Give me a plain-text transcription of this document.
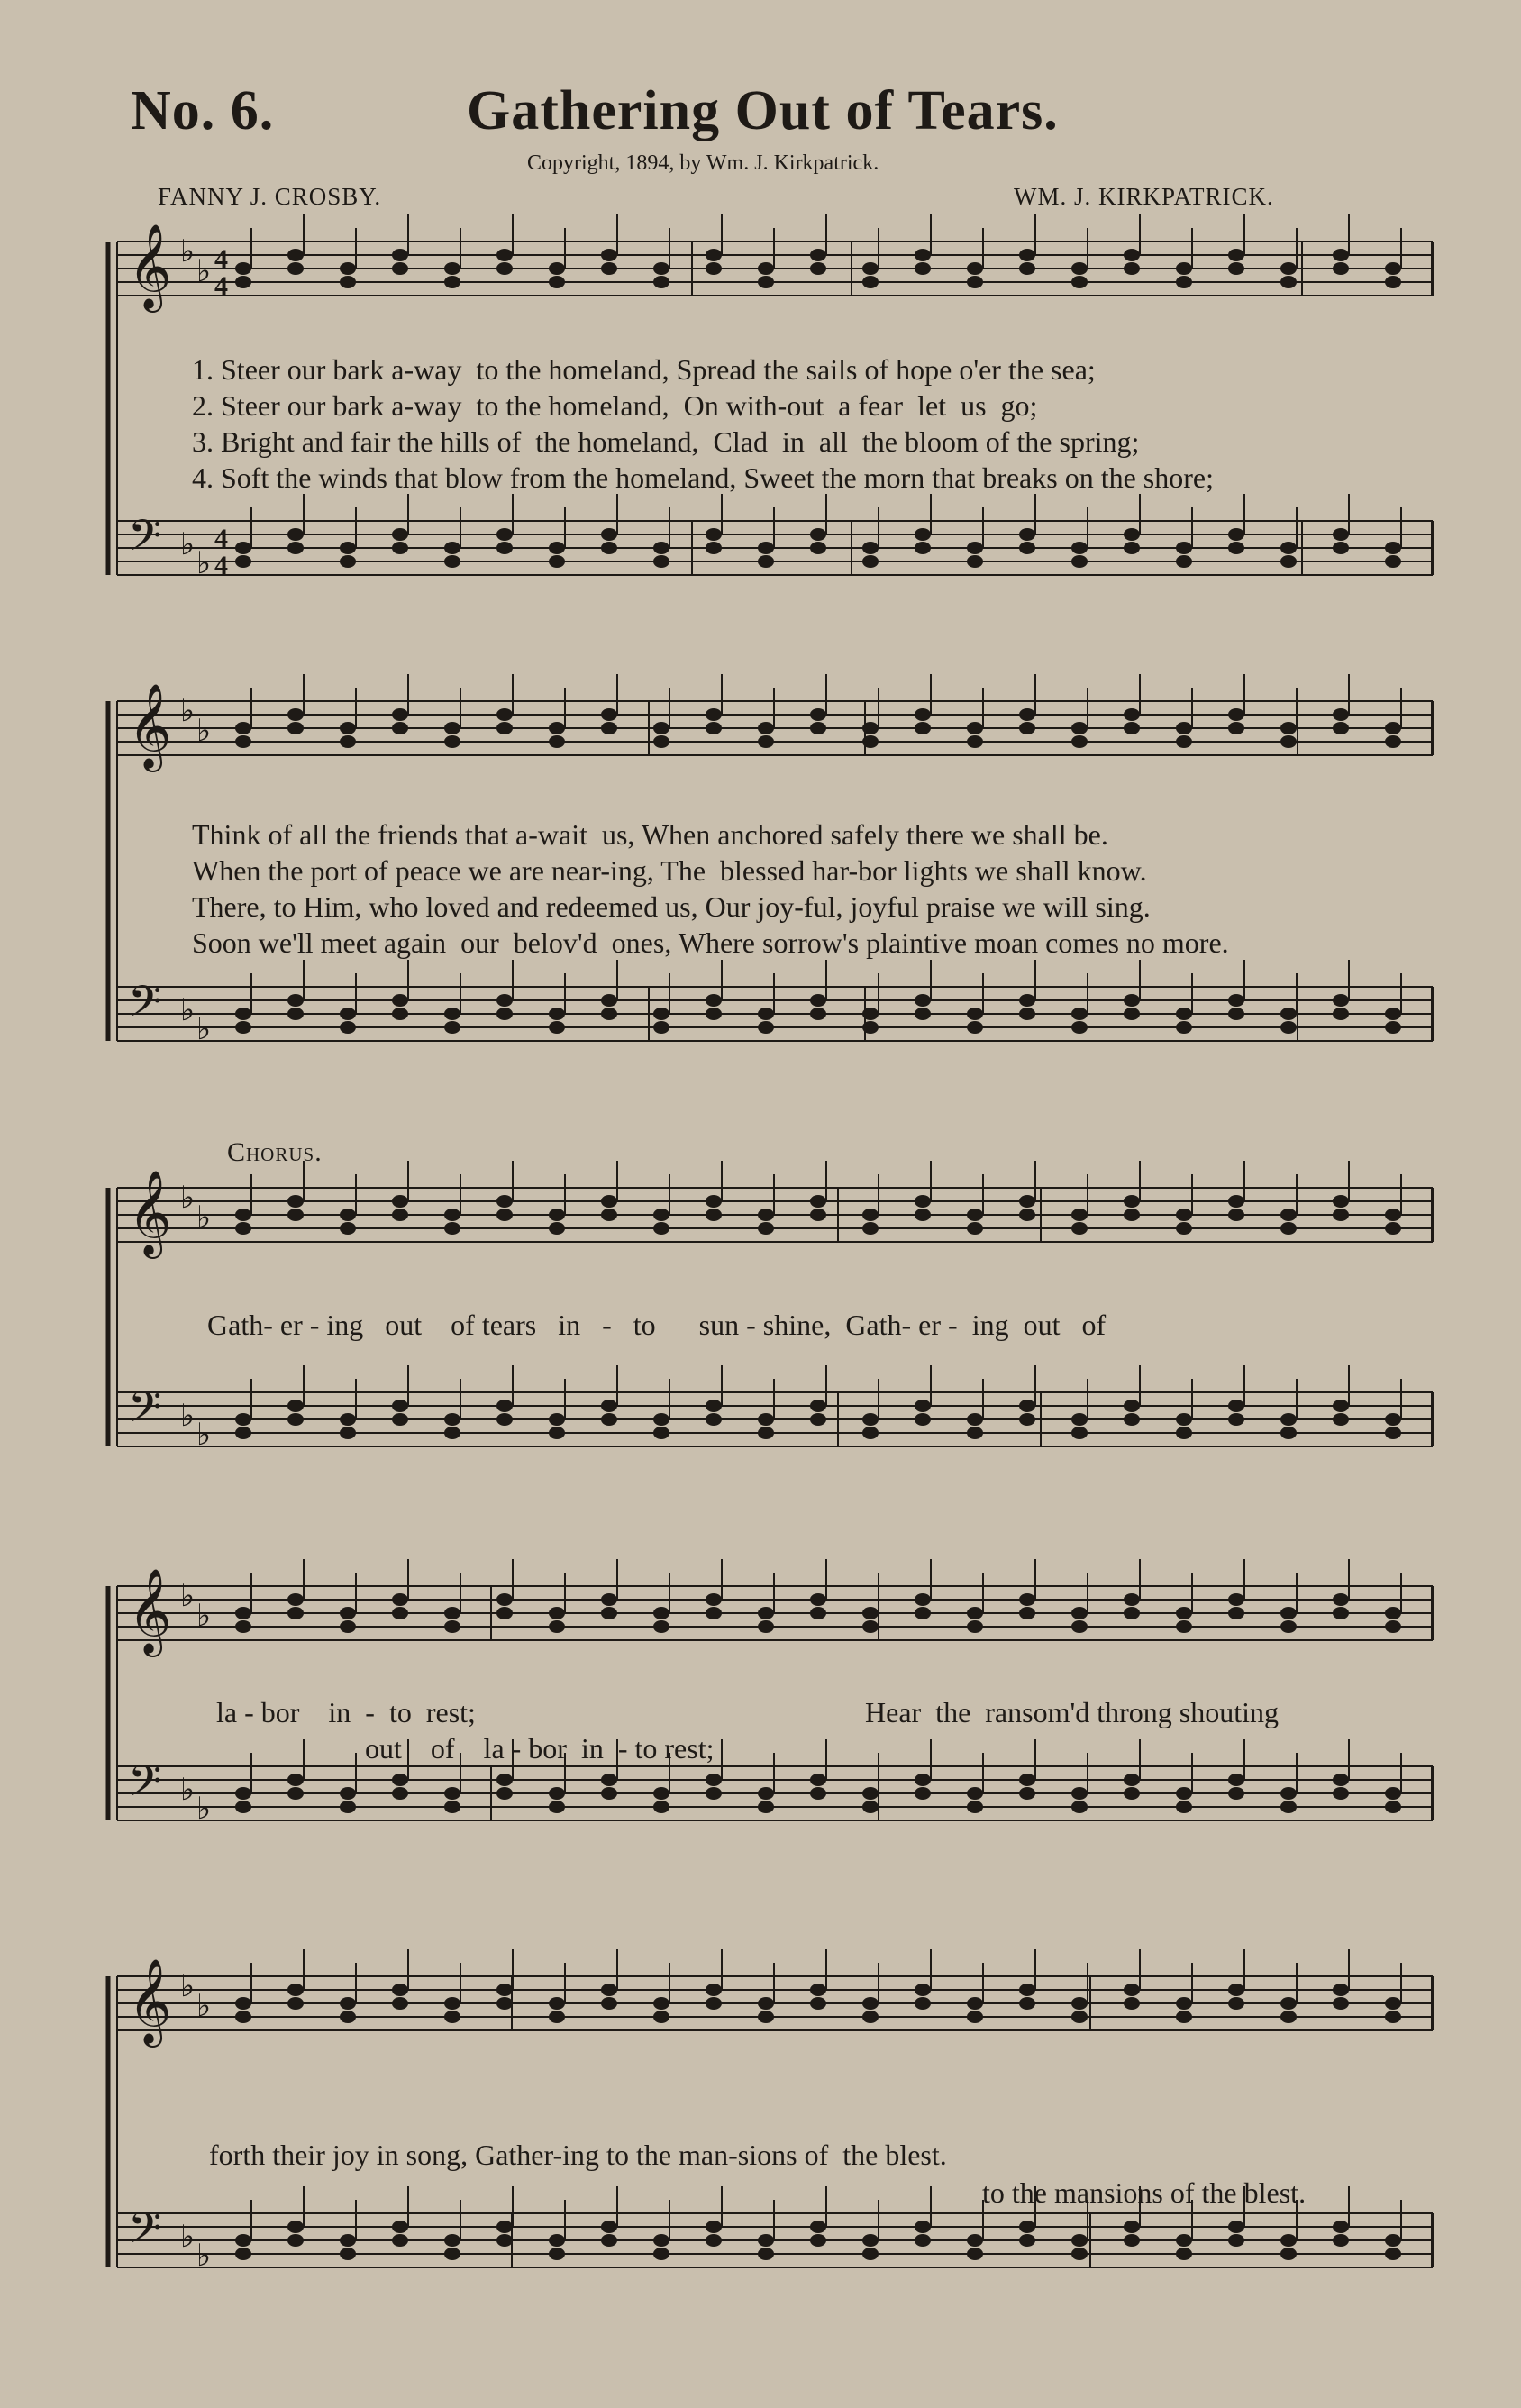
No. 6.	Gathering Out of Tears.
Copyright, 1894, by Wm. J. Kirkpatrick.
FANNY J. CROSBY.	WM. J. KIRKPATRICK.
𝄞 ♭
♭
𝄢 ♭
♭
𝄞 ♭
♭
𝄢 ♭
♭
𝄞 ♭
♭
𝄢 ♭
♭
𝄞 ♭
♭
𝄢 ♭
♭
𝄞 ♭
♭
𝄢 ♭
♭
4
4
4
4
1. Steer our bark a-way  to the homeland, Spread the sails of hope o'er the sea;
2. Steer our bark a-way  to the homeland,  On with-out  a fear  let  us  go;
3. Bright and fair the hills of  the homeland,  Clad  in  all  the bloom of the spring;
4. Soft the winds that blow from the homeland, Sweet the morn that breaks on the shore;
Think of all the friends that a-wait  us, When anchored safely there we shall be.
When the port of peace we are near-ing, The  blessed har-bor lights we shall know.
There, to Him, who loved and redeemed us, Our joy-ful, joyful praise we will sing.
Soon we'll meet again  our  belov'd  ones, Where sorrow's plaintive moan comes no more.
Chorus.
Gath- er - ing   out    of tears   in   -   to      sun - shine,  Gath- er -  ing  out   of
la - bor    in  -  to  rest;
out    of    la - bor  in  - to rest;
Hear  the  ransom'd throng shouting
forth their joy in song, Gather-ing to the man-sions of  the blest.
to the mansions of the blest.
